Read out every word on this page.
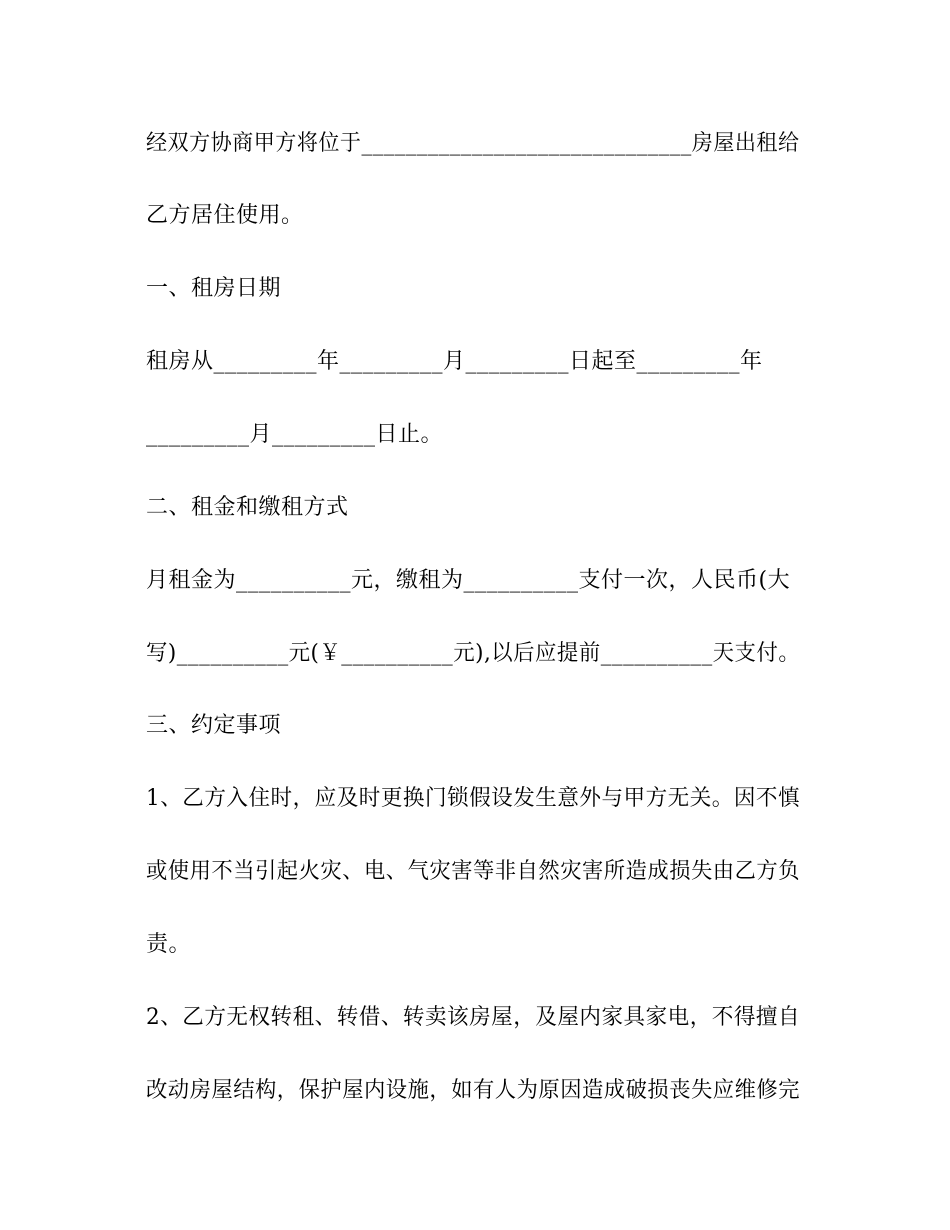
经双方协商甲方将位于______________________________房屋出租给
乙方居住使用。
一、租房日期
租房从_________年_________月_________日起至_________年
_________月_________日止。
二、租金和缴租方式
月租金为__________元，缴租为__________支付一次，人民币(大
写)__________元(￥__________元),以后应提前__________天支付。
三、约定事项
1、乙方入住时，应及时更换门锁假设发生意外与甲方无关。因不慎
或使用不当引起火灾、电、气灾害等非自然灾害所造成损失由乙方负
责。
2、乙方无权转租、转借、转卖该房屋，及屋内家具家电，不得擅自
改动房屋结构，保护屋内设施，如有人为原因造成破损丧失应维修完
